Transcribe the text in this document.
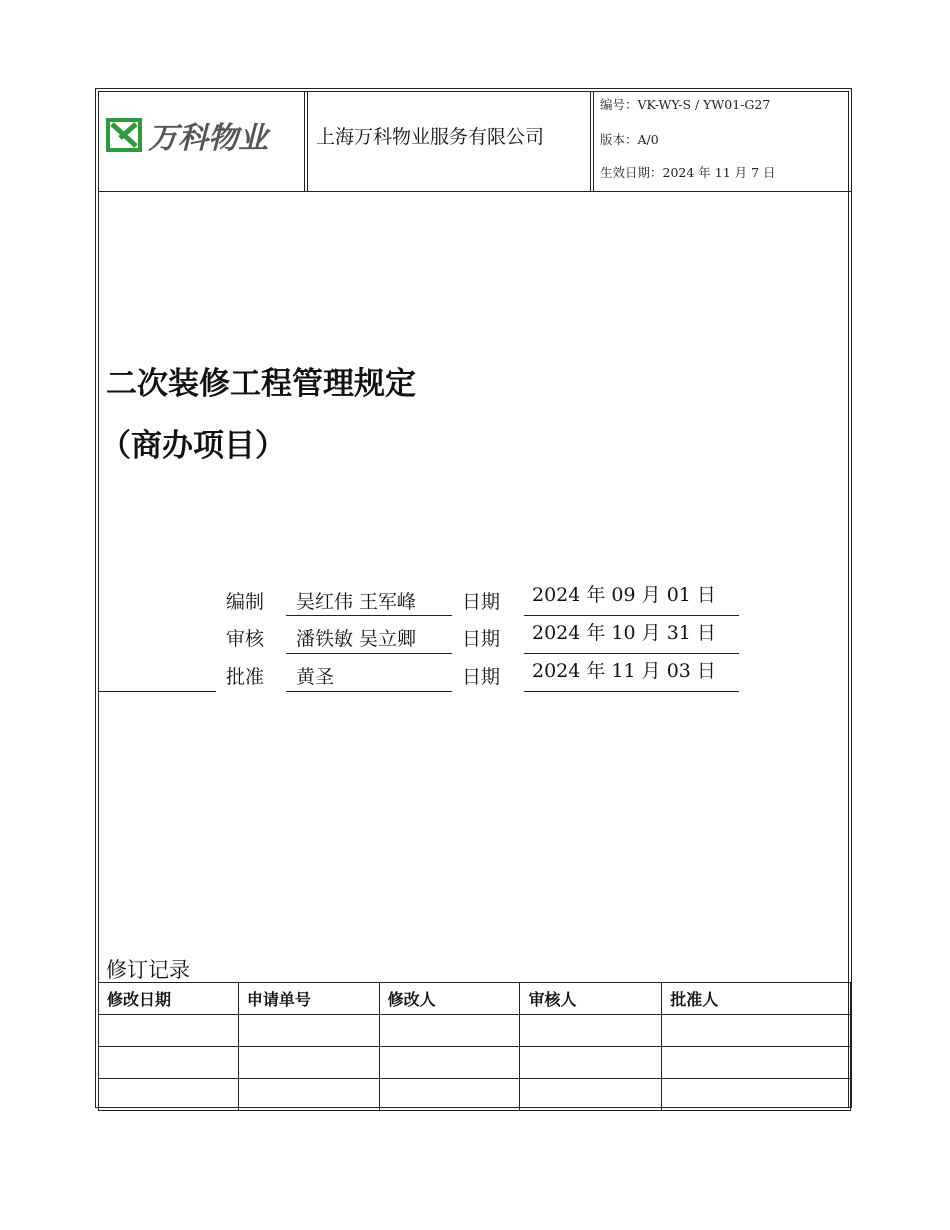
万科物业	上海万科物业服务有限公司
编号：VK-WY-S / YW01-G27
版本：A/0
生效日期：2024 年 11 月 7 日
二次装修工程管理规定
（商办项目）
编制 吴红伟 王军峰 日期 2024 年 09 月 01 日
审核 潘铁敏 吴立卿 日期 2024 年 10 月 31 日
批准 黄圣	日期 2024 年 11 月 03 日
修订记录
修改日期	申请单号	修改人	审核人	批准人
